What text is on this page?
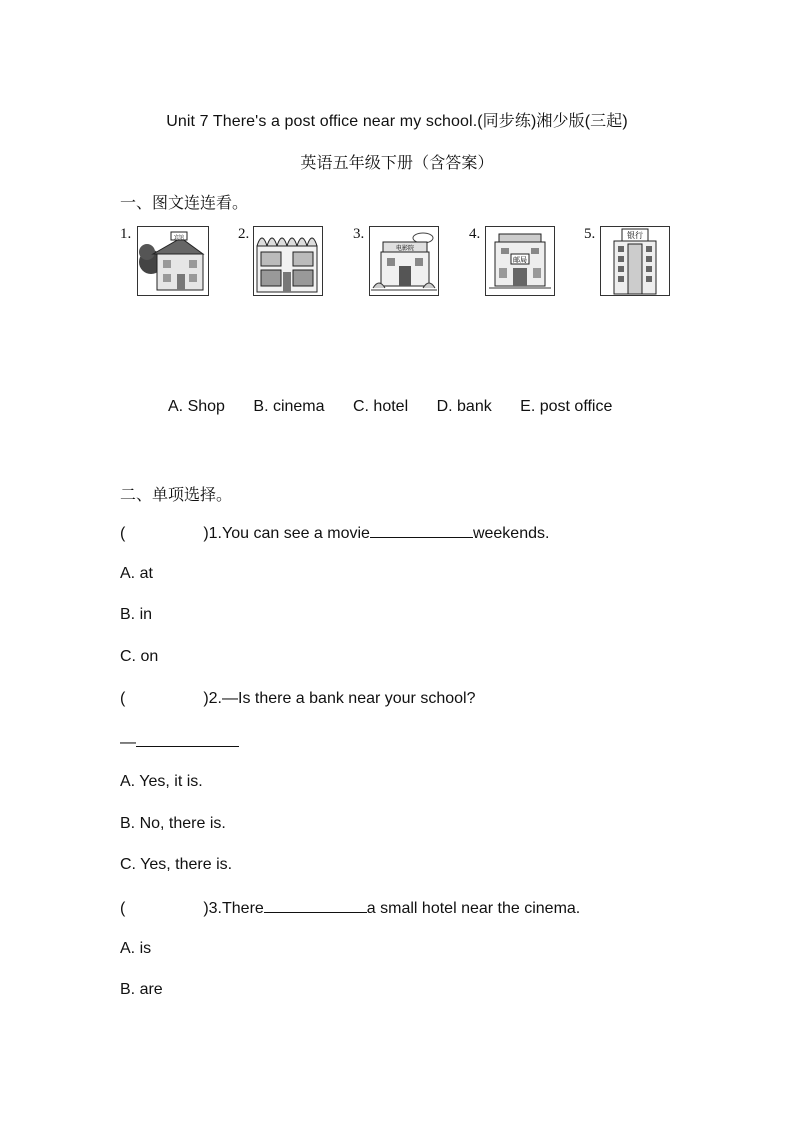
Unit 7 There's a post office near my school.(同步练)湘少版(三起)
英语五年级下册（含答案）
一、图文连连看。
1.	宾馆	2.	3.
电影院
4.
邮局
5.	银行
A. Shop B. cinema C. hotel D. bank E. post office
二、单项选择。
(	)1.You can see a movie	weekends.
A. at
B. in
C. on
(	)2.—Is there a bank near your school?
—
A. Yes, it is.
B. No, there is.
C. Yes, there is.
(	)3.There	a small hotel near the cinema.
A. is
B. are
